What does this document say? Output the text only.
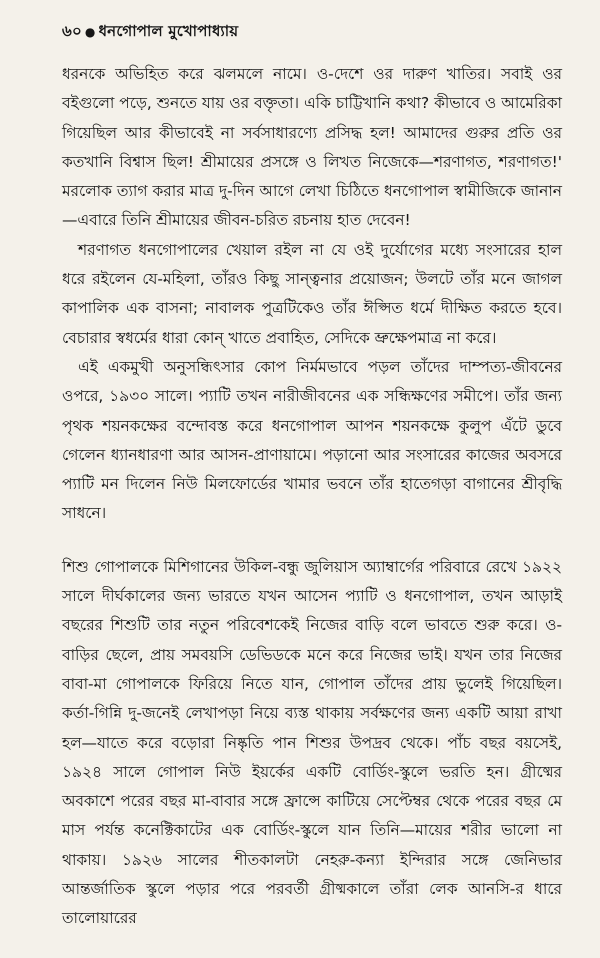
৬০ ● ধনগোপাল মুখোপাধ্যায়

ধরনকে অভিহিত করে ঝলমলে নামে। ও-দেশে ওর দারুণ খাতির। সবাই ওর বইগুলো পড়ে, শুনতে যায় ওর বক্তৃতা। একি চাট্টিখানি কথা? কীভাবে ও আমেরিকা গিয়েছিল আর কীভাবেই না সর্বসাধারণ্যে প্রসিদ্ধ হল! আমাদের গুরুর প্রতি ওর কতখানি বিশ্বাস ছিল! শ্রীমায়ের প্রসঙ্গে ও লিখত নিজেকে—শরণাগত, শরণাগত!' মরলোক ত্যাগ করার মাত্র দু-দিন আগে লেখা চিঠিতে ধনগোপাল স্বামীজিকে জানান—এবারে তিনি শ্রীমায়ের জীবন-চরিত রচনায় হাত দেবেন!

শরণাগত ধনগোপালের খেয়াল রইল না যে ওই দুর্যোগের মধ্যে সংসারের হাল ধরে রইলেন যে-মহিলা, তাঁরও কিছু সান্ত্বনার প্রয়োজন; উলটে তাঁর মনে জাগল কাপালিক এক বাসনা; নাবালক পুত্রটিকেও তাঁর ঈপ্সিত ধর্মে দীক্ষিত করতে হবে। বেচারার স্বধর্মের ধারা কোন্ খাতে প্রবাহিত, সেদিকে ভ্রুক্ষেপমাত্র না করে।

এই একমুখী অনুসন্ধিৎসার কোপ নির্মমভাবে পড়ল তাঁদের দাম্পত্য-জীবনের ওপরে, ১৯৩০ সালে। প্যাটি তখন নারীজীবনের এক সন্ধিক্ষণের সমীপে। তাঁর জন্য পৃথক শয়নকক্ষের বন্দোবস্ত করে ধনগোপাল আপন শয়নকক্ষে কুলুপ এঁটে ডুবে গেলেন ধ্যানধারণা আর আসন-প্রাণায়ামে। পড়ানো আর সংসারের কাজের অবসরে প্যাটি মন দিলেন নিউ মিলফোর্ডের খামার ভবনে তাঁর হাতেগড়া বাগানের শ্রীবৃদ্ধি সাধনে।

শিশু গোপালকে মিশিগানের উকিল-বন্ধু জুলিয়াস অ্যাম্বার্গের পরিবারে রেখে ১৯২২ সালে দীর্ঘকালের জন্য ভারতে যখন আসেন প্যাটি ও ধনগোপাল, তখন আড়াই বছরের শিশুটি তার নতুন পরিবেশকেই নিজের বাড়ি বলে ভাবতে শুরু করে। ও-বাড়ির ছেলে, প্রায় সমবয়সি ডেভিডকে মনে করে নিজের ভাই। যখন তার নিজের বাবা-মা গোপালকে ফিরিয়ে নিতে যান, গোপাল তাঁদের প্রায় ভুলেই গিয়েছিল। কর্তা-গিন্নি দু-জনেই লেখাপড়া নিয়ে ব্যস্ত থাকায় সর্বক্ষণের জন্য একটি আয়া রাখা হল—যাতে করে বড়োরা নিষ্কৃতি পান শিশুর উপদ্রব থেকে। পাঁচ বছর বয়সেই, ১৯২৪ সালে গোপাল নিউ ইয়র্কের একটি বোর্ডিং-স্কুলে ভরতি হন। গ্রীষ্মের অবকাশে পরের বছর মা-বাবার সঙ্গে ফ্রান্সে কাটিয়ে সেপ্টেম্বর থেকে পরের বছর মে মাস পর্যন্ত কনেক্টিকাটের এক বোর্ডিং-স্কুলে যান তিনি—মায়ের শরীর ভালো না থাকায়। ১৯২৬ সালের শীতকালটা নেহরু-কন্যা ইন্দিরার সঙ্গে জেনিভার আন্তর্জাতিক স্কুলে পড়ার পরে পরবর্তী গ্রীষ্মকালে তাঁরা লেক আনসি-র ধারে তালোয়ারের
